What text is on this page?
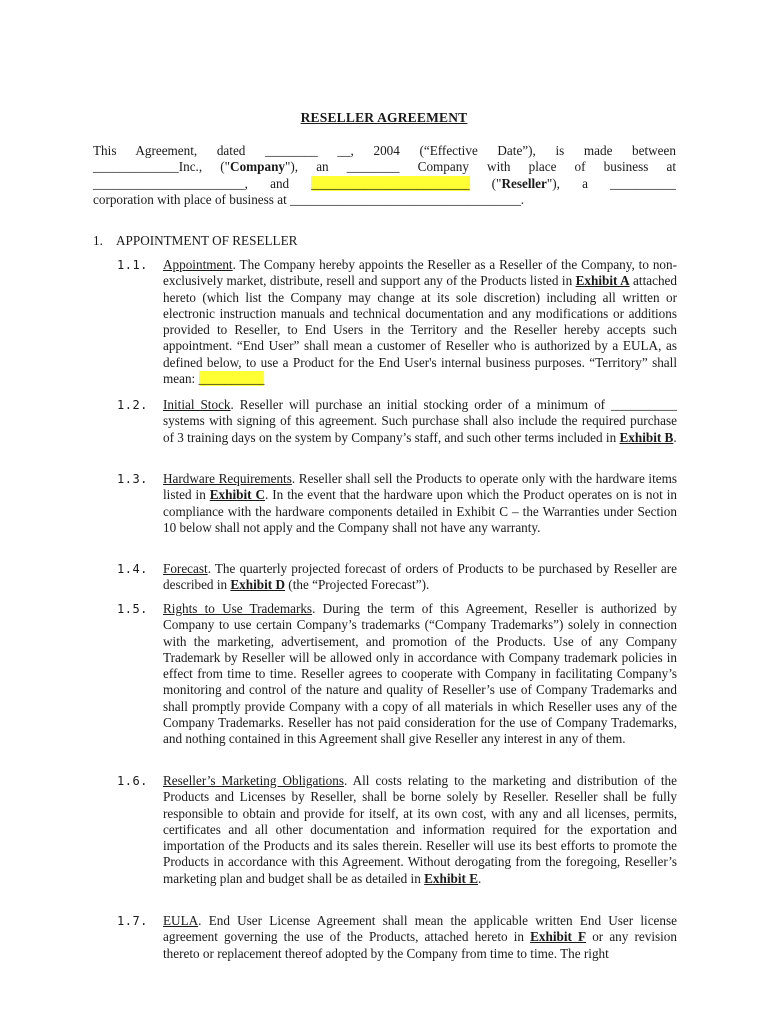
RESELLER AGREEMENT
This Agreement, dated ________ __, 2004 (“Effective Date”), is made between
_____________Inc., ("Company"), an ________ Company with place of business at
_______________________, and ________________________ ("Reseller"), a __________
corporation with place of business at ___________________________________.
1. APPOINTMENT OF RESELLER
1.1. Appointment. The Company hereby appoints the Reseller as a Reseller of the Company, to non-exclusively market, distribute, resell and support any of the Products listed in Exhibit A attached hereto (which list the Company may change at its sole discretion) including all written or electronic instruction manuals and technical documentation and any modifications or additions provided to Reseller, to End Users in the Territory and the Reseller hereby accepts such appointment. “End User” shall mean a customer of Reseller who is authorized by a EULA, as defined below, to use a Product for the End User's internal business purposes. “Territory” shall mean: __________
1.2. Initial Stock. Reseller will purchase an initial stocking order of a minimum of __________ systems with signing of this agreement. Such purchase shall also include the required purchase of 3 training days on the system by Company’s staff, and such other terms included in Exhibit B.
1.3. Hardware Requirements. Reseller shall sell the Products to operate only with the hardware items listed in Exhibit C. In the event that the hardware upon which the Product operates on is not in compliance with the hardware components detailed in Exhibit C – the Warranties under Section 10 below shall not apply and the Company shall not have any warranty.
1.4. Forecast. The quarterly projected forecast of orders of Products to be purchased by Reseller are described in Exhibit D (the “Projected Forecast”).
1.5. Rights to Use Trademarks. During the term of this Agreement, Reseller is authorized by Company to use certain Company’s trademarks (“Company Trademarks”) solely in connection with the marketing, advertisement, and promotion of the Products. Use of any Company Trademark by Reseller will be allowed only in accordance with Company trademark policies in effect from time to time. Reseller agrees to cooperate with Company in facilitating Company’s monitoring and control of the nature and quality of Reseller’s use of Company Trademarks and shall promptly provide Company with a copy of all materials in which Reseller uses any of the Company Trademarks. Reseller has not paid consideration for the use of Company Trademarks, and nothing contained in this Agreement shall give Reseller any interest in any of them.
1.6. Reseller’s Marketing Obligations. All costs relating to the marketing and distribution of the Products and Licenses by Reseller, shall be borne solely by Reseller. Reseller shall be fully responsible to obtain and provide for itself, at its own cost, with any and all licenses, permits, certificates and all other documentation and information required for the exportation and importation of the Products and its sales therein. Reseller will use its best efforts to promote the Products in accordance with this Agreement. Without derogating from the foregoing, Reseller’s marketing plan and budget shall be as detailed in Exhibit E.
1.7. EULA. End User License Agreement shall mean the applicable written End User license agreement governing the use of the Products, attached hereto in Exhibit F or any revision thereto or replacement thereof adopted by the Company from time to time. The right
